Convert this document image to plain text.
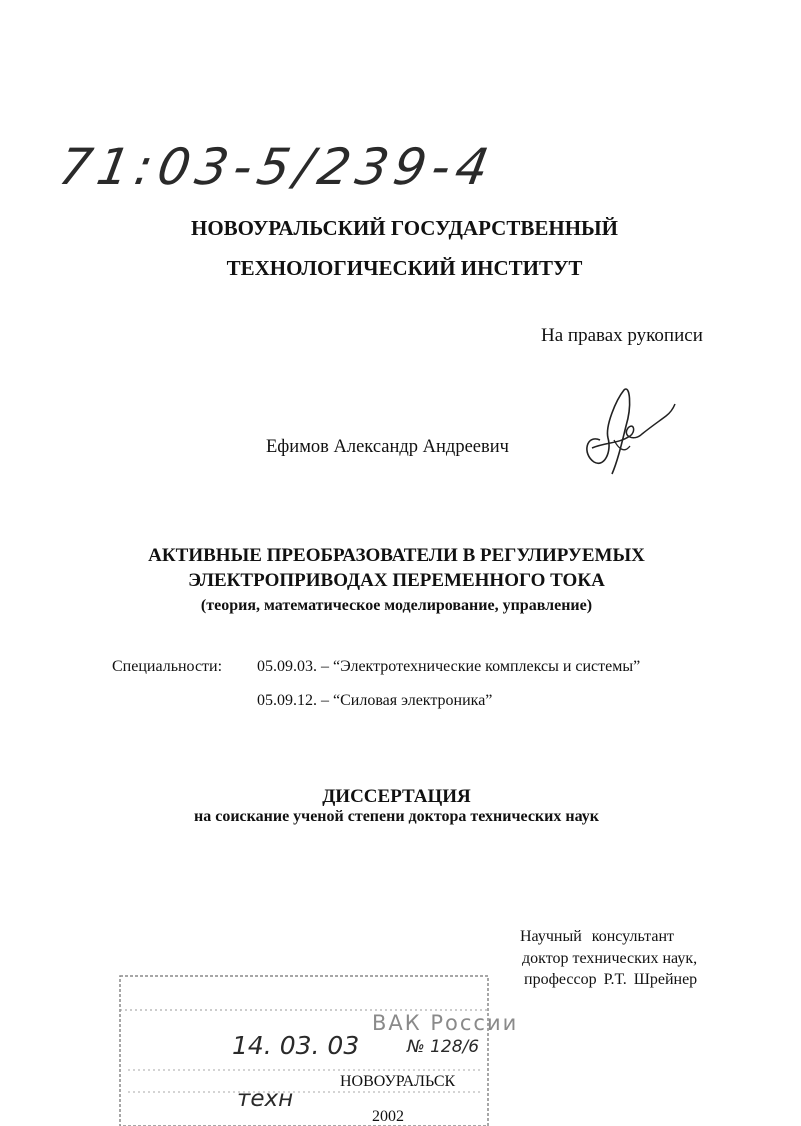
71:03-5/239-4
НОВОУРАЛЬСКИЙ ГОСУДАРСТВЕННЫЙ
ТЕХНОЛОГИЧЕСКИЙ ИНСТИТУТ
На правах рукописи
Ефимов Александр Андреевич
АКТИВНЫЕ ПРЕОБРАЗОВАТЕЛИ В РЕГУЛИРУЕМЫХ
ЭЛЕКТРОПРИВОДАХ ПЕРЕМЕННОГО ТОКА
(теория, математическое моделирование, управление)
Специальности: 05.09.03. – “Электротехнические комплексы и системы”
05.09.12. – “Силовая электроника”
ДИССЕРТАЦИЯ
на соискание ученой степени доктора технических наук
Научный консультант
доктор технических наук,
профессор Р.Т. Шрейнер
ВАК России
14. 03. 03	№ 128/6
техн
НОВОУРАЛЬСК
2002
